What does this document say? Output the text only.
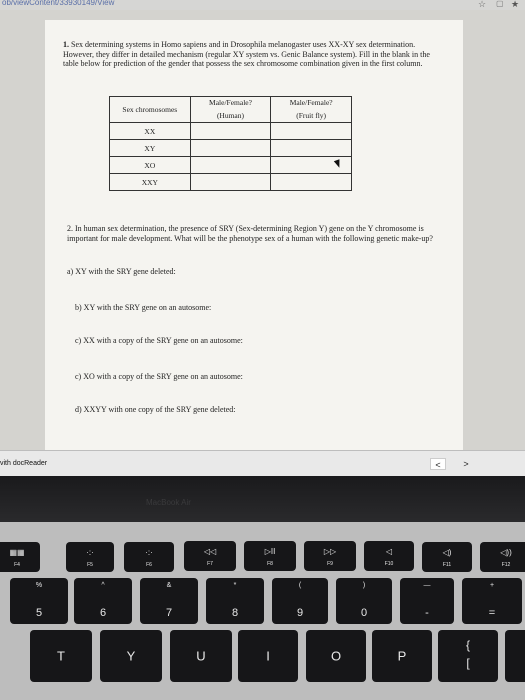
ob/viewContent/33930149/View	☆ ▢ ★
1. Sex determining systems in Homo sapiens and in Drosophila melanogaster uses XX-XY sex determination. However, they differ in detailed mechanism (regular XY system vs. Genic Balance system). Fill in the blank in the table below for prediction of the gender that possess the sex chromosome combination given in the first column.
Sex chromosomes	Male/Female?	Male/Female?
	(Human)	(Fruit fly)
XX		
XY		
XO		
XXY		
2. In human sex determination, the presence of SRY (Sex-determining Region Y) gene on the Y chromosome is important for male development. What will be the phenotype sex of a human with the following genetic make-up?
a) XY with the SRY gene deleted:
b) XY with the SRY gene on an autosome:
c) XX with a copy of the SRY gene on an autosome:
c) XO with a copy of the SRY gene on an autosome:
d) XXYY with one copy of the SRY gene deleted:
vith docReader	<	>
MacBook Air
▦▦
F4
·:·
F5
·:·
F6
◁◁
F7
▷II
F8
▷▷
F9
◁
F10
◁)
F11
◁))
F12
%
5
^
6
&
7
*
8
(
9
)
0
—
-
+
=
T	Y	U	I	O	P
{
[
